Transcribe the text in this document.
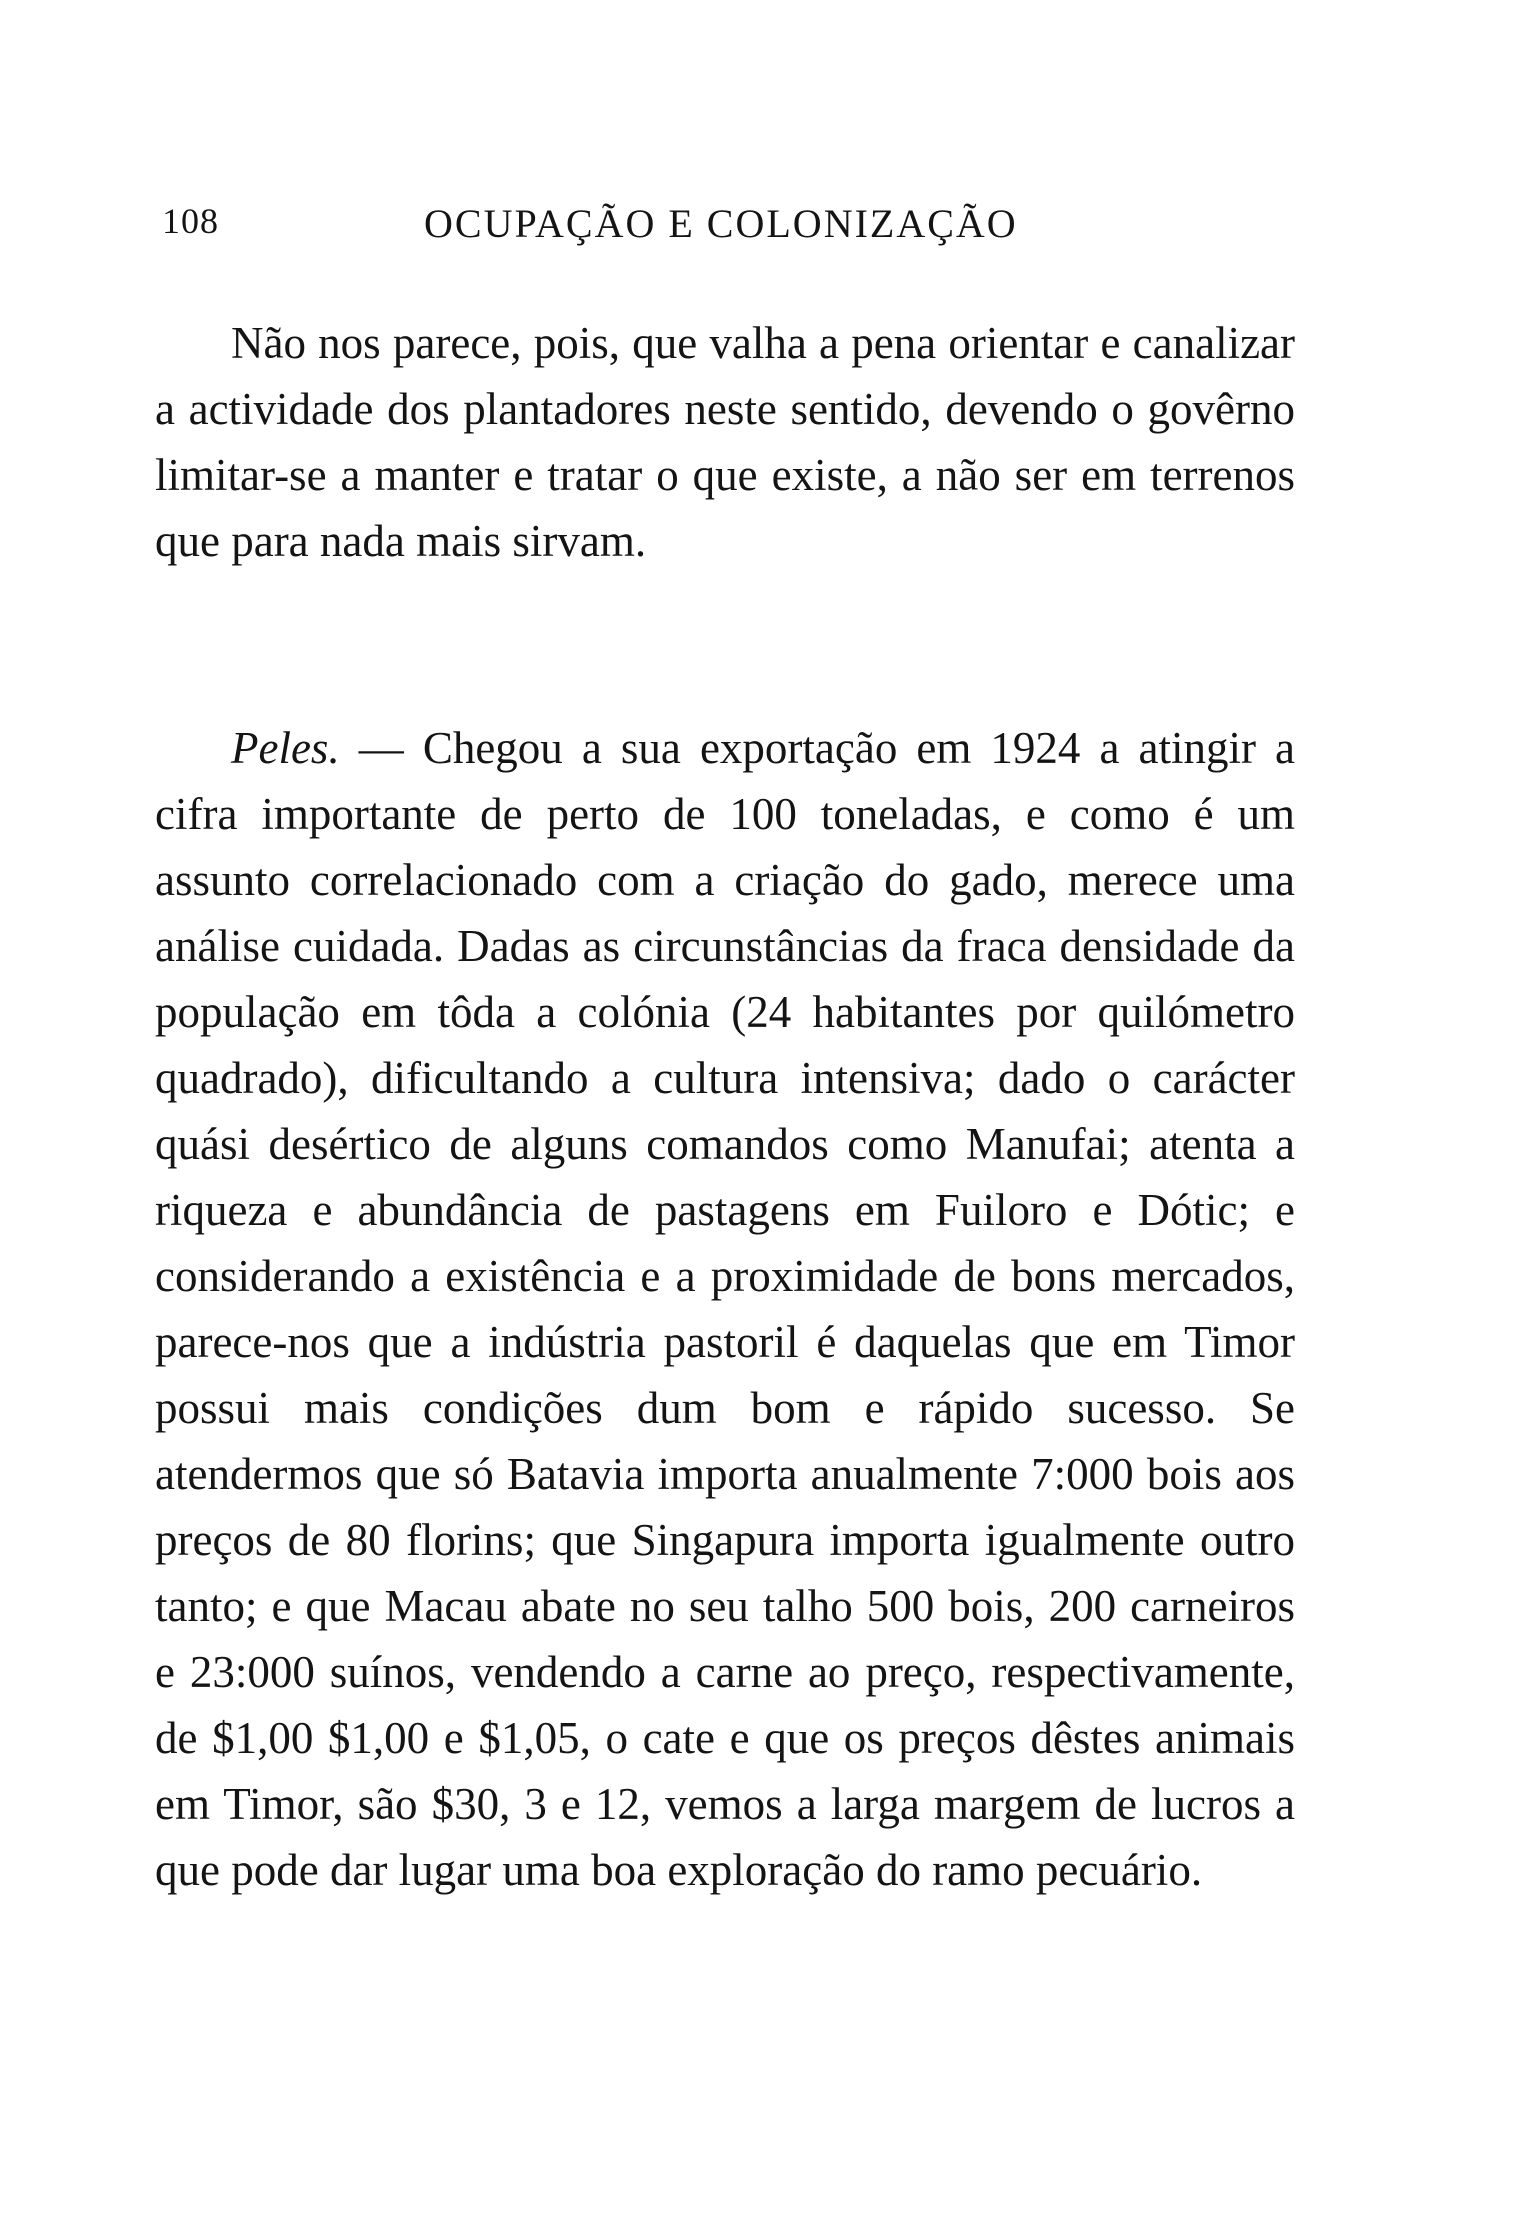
108	OCUPAÇÃO E COLONIZAÇÃO

Não nos parece, pois, que valha a pena orientar e canalizar a actividade dos plantadores neste sentido, devendo o govêrno limitar-se a manter e tratar o que existe, a não ser em terrenos que para nada mais sirvam.

Peles. — Chegou a sua exportação em 1924 a atingir a cifra importante de perto de 100 toneladas, e como é um assunto correlacionado com a criação do gado, merece uma análise cuidada. Dadas as circunstâncias da fraca densidade da população em tôda a colónia (24 habitantes por quilómetro quadrado), dificultando a cultura intensiva; dado o carácter quási desértico de alguns comandos como Manufai; atenta a riqueza e abundância de pastagens em Fuiloro e Dótic; e considerando a existência e a proximidade de bons mercados, parece-nos que a indústria pastoril é daquelas que em Timor possui mais condições dum bom e rápido sucesso. Se atendermos que só Batavia importa anualmente 7:000 bois aos preços de 80 florins; que Singapura importa igualmente outro tanto; e que Macau abate no seu talho 500 bois, 200 carneiros e 23:000 suínos, vendendo a carne ao preço, respectivamente, de $1,00 $1,00 e $1,05, o cate e que os preços dêstes animais em Timor, são $30, 3 e 12, vemos a larga margem de lucros a que pode dar lugar uma boa exploração do ramo pecuário.
